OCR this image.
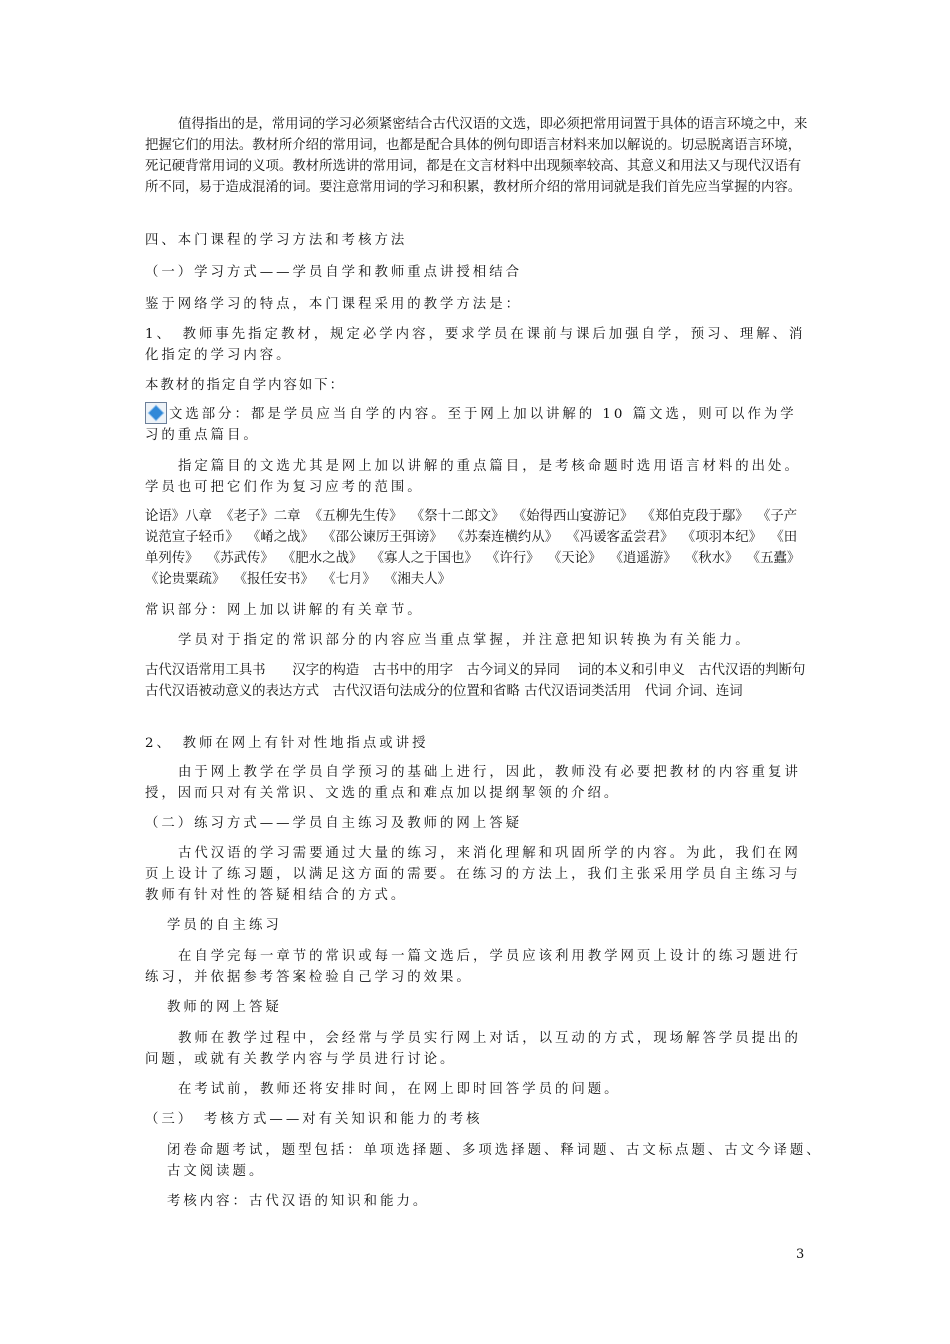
值得指出的是，常用词的学习必须紧密结合古代汉语的文选，即必须把常用词置于具体的语言环境之中，来把握它们的用法。教材所介绍的常用词，也都是配合具体的例句即语言材料来加以解说的。切忌脱离语言环境，死记硬背常用词的义项。教材所选讲的常用词，都是在文言材料中出现频率较高、其意义和用法又与现代汉语有所不同，易于造成混淆的词。要注意常用词的学习和积累，教材所介绍的常用词就是我们首先应当掌握的内容。

四、本门课程的学习方法和考核方法

（一）学习方式——学员自学和教师重点讲授相结合

鉴于网络学习的特点，本门课程采用的教学方法是：

1、　教师事先指定教材，规定必学内容，要求学员在课前与课后加强自学，预习、理解、消化指定的学习内容。

本教材的指定自学内容如下：

文选部分：都是学员应当自学的内容。至于网上加以讲解的 10 篇文选，则可以作为学习的重点篇目。

指定篇目的文选尤其是网上加以讲解的重点篇目，是考核命题时选用语言材料的出处。学员也可把它们作为复习应考的范围。

论语》八章 《老子》二章 《五柳先生传》 《祭十二郎文》 《始得西山宴游记》 《郑伯克段于鄢》 《子产说范宣子轻币》 《崤之战》 《邵公谏厉王弭谤》 《苏秦连横约从》 《冯谖客孟尝君》 《项羽本纪》 《田单列传》 《苏武传》 《肥水之战》 《寡人之于国也》 《许行》 《天论》 《逍遥游》 《秋水》 《五蠹》 《论贵粟疏》 《报任安书》 《七月》 《湘夫人》

常识部分：网上加以讲解的有关章节。

学员对于指定的常识部分的内容应当重点掌握，并注意把知识转换为有关能力。

古代汉语常用工具书　　汉字的构造　古书中的用字　古今词义的异同　 词的本义和引申义　古代汉语的判断句　古代汉语被动意义的表达方式　古代汉语句法成分的位置和省略 古代汉语词类活用　代词 介词、连词

2、　教师在网上有针对性地指点或讲授

由于网上教学在学员自学预习的基础上进行，因此，教师没有必要把教材的内容重复讲授，因而只对有关常识、文选的重点和难点加以提纲挈领的介绍。

（二）练习方式——学员自主练习及教师的网上答疑

古代汉语的学习需要通过大量的练习，来消化理解和巩固所学的内容。为此，我们在网页上设计了练习题，以满足这方面的需要。在练习的方法上，我们主张采用学员自主练习与教师有针对性的答疑相结合的方式。

学员的自主练习

在自学完每一章节的常识或每一篇文选后，学员应该利用教学网页上设计的练习题进行练习，并依据参考答案检验自己学习的效果。

教师的网上答疑

教师在教学过程中，会经常与学员实行网上对话，以互动的方式，现场解答学员提出的问题，或就有关教学内容与学员进行讨论。

在考试前，教师还将安排时间，在网上即时回答学员的问题。

（三）　考核方式——对有关知识和能力的考核

闭卷命题考试，题型包括：单项选择题、多项选择题、释词题、古文标点题、古文今译题、古文阅读题。

考核内容：古代汉语的知识和能力。

3
